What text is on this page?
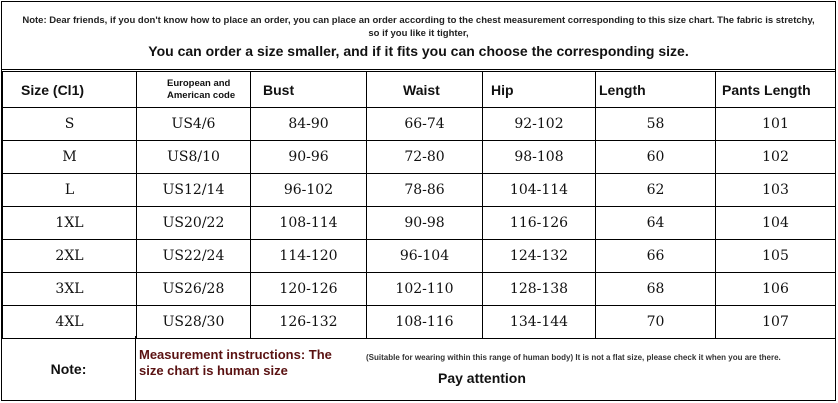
Note: Dear friends, if you don't know how to place an order, you can place an order according to the chest measurement corresponding to this size chart. The fabric is stretchy, so if you like it tighter,
You can order a size smaller, and if it fits you can choose the corresponding size.
Size (Cl1)	European and American code	Bust	Waist	Hip	Length	Pants Length
S	US4/6	84-90	66-74	92-102	58	101
M	US8/10	90-96	72-80	98-108	60	102
L	US12/14	96-102	78-86	104-114	62	103
1XL	US20/22	108-114	90-98	116-126	64	104
2XL	US22/24	114-120	96-104	124-132	66	105
3XL	US26/28	120-126	102-110	128-138	68	106
4XL	US28/30	126-132	108-116	134-144	70	107
Note:
Measurement instructions: The size chart is human size
(Suitable for wearing within this range of human body) It is not a flat size, please check it when you are there.
Pay attention
